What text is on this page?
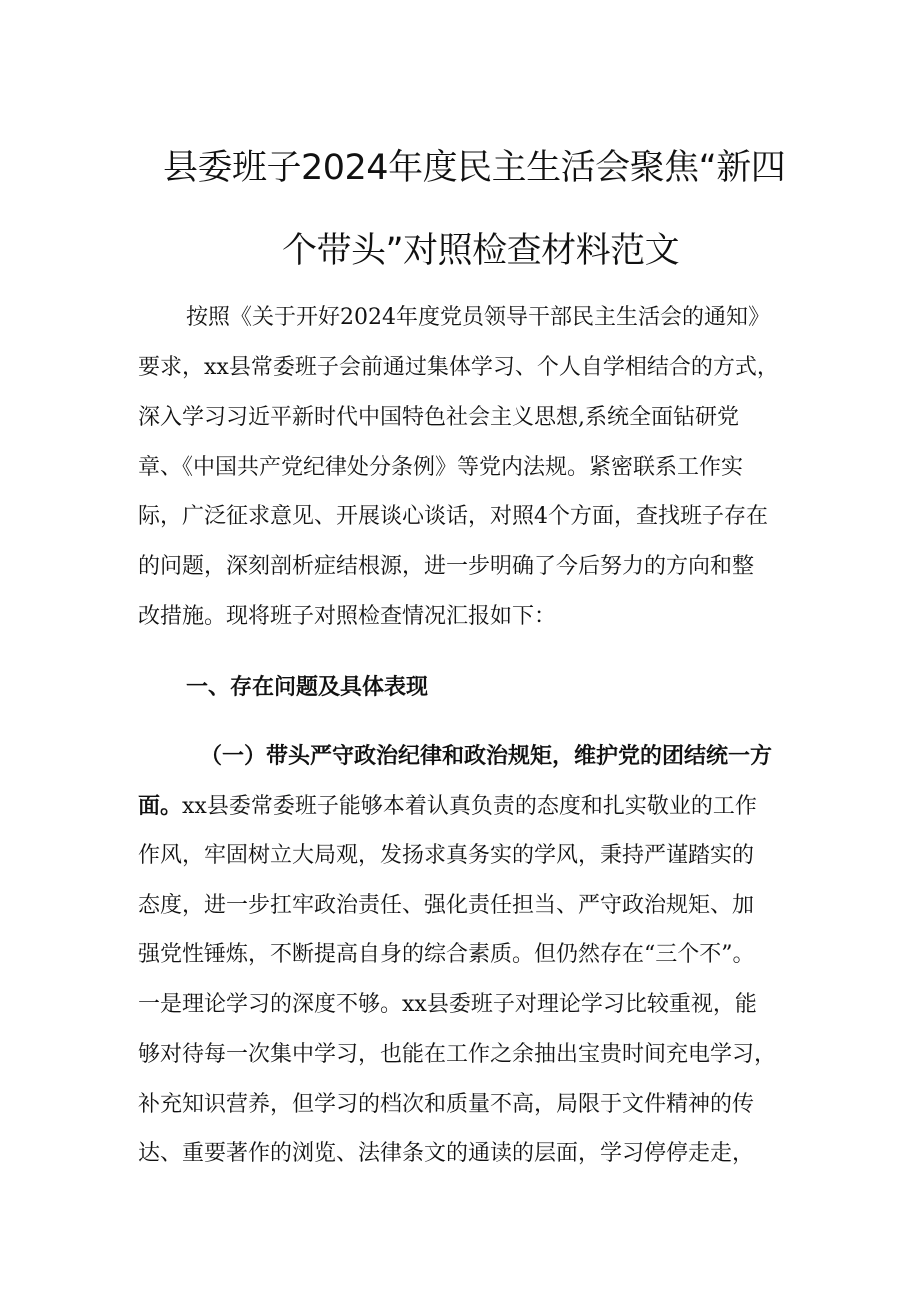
县委班子2024年度民主生活会聚焦“新四
个带头”对照检查材料范文
按照《关于开好2024年度党员领导干部民主生活会的通知》
要求，xx县常委班子会前通过集体学习、个人自学相结合的方式，
深入学习习近平新时代中国特色社会主义思想,系统全面钻研党
章、《中国共产党纪律处分条例》等党内法规。紧密联系工作实
际，广泛征求意见、开展谈心谈话，对照4个方面，查找班子存在
的问题，深刻剖析症结根源，进一步明确了今后努力的方向和整
改措施。现将班子对照检查情况汇报如下：
一、存在问题及具体表现
（一）带头严守政治纪律和政治规矩，维护党的团结统一方
面。xx县委常委班子能够本着认真负责的态度和扎实敬业的工作
作风，牢固树立大局观，发扬求真务实的学风，秉持严谨踏实的
态度，进一步扛牢政治责任、强化责任担当、严守政治规矩、加
强党性锤炼，不断提高自身的综合素质。但仍然存在“三个不”。
一是理论学习的深度不够。xx县委班子对理论学习比较重视，能
够对待每一次集中学习，也能在工作之余抽出宝贵时间充电学习，
补充知识营养，但学习的档次和质量不高，局限于文件精神的传
达、重要著作的浏览、法律条文的通读的层面，学习停停走走，
